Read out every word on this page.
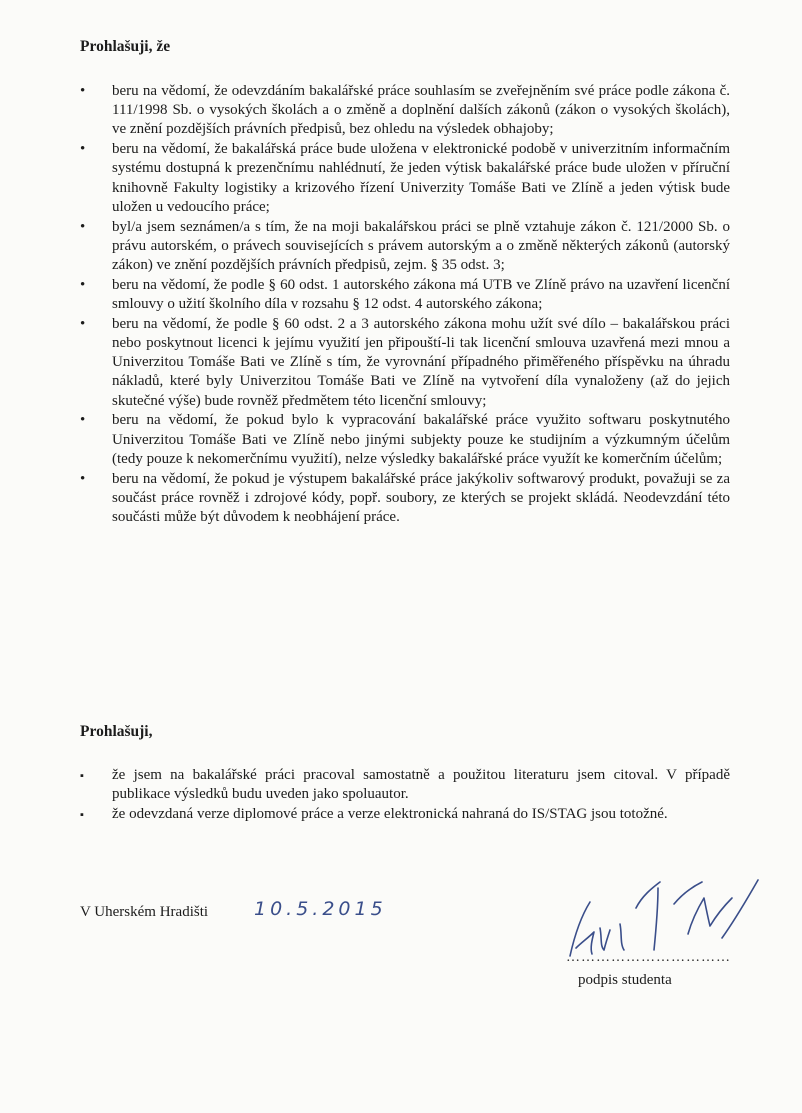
Prohlašuji, že
•	beru na vědomí, že odevzdáním bakalářské práce souhlasím se zveřejněním své práce podle zákona č. 111/1998 Sb. o vysokých školách a o změně a doplnění dalších zákonů (zákon o vysokých školách), ve znění pozdějších právních předpisů, bez ohledu na výsledek obhajoby;
•	beru na vědomí, že bakalářská práce bude uložena v elektronické podobě v univerzitním informačním systému dostupná k prezenčnímu nahlédnutí, že jeden výtisk bakalářské práce bude uložen v příruční knihovně Fakulty logistiky a krizového řízení Univerzity Tomáše Bati ve Zlíně a jeden výtisk bude uložen u vedoucího práce;
•	byl/a jsem seznámen/a s tím, že na moji bakalářskou práci se plně vztahuje zákon č. 121/2000 Sb. o právu autorském, o právech souvisejících s právem autorským a o změně některých zákonů (autorský zákon) ve znění pozdějších právních předpisů, zejm. § 35 odst. 3;
•	beru na vědomí, že podle § 60 odst. 1 autorského zákona má UTB ve Zlíně právo na uzavření licenční smlouvy o užití školního díla v rozsahu § 12 odst. 4 autorského zákona;
•	beru na vědomí, že podle § 60 odst. 2 a 3 autorského zákona mohu užít své dílo – bakalářskou práci nebo poskytnout licenci k jejímu využití jen připouští-li tak licenční smlouva uzavřená mezi mnou a Univerzitou Tomáše Bati ve Zlíně s tím, že vyrovnání případného přiměřeného příspěvku na úhradu nákladů, které byly Univerzitou Tomáše Bati ve Zlíně na vytvoření díla vynaloženy (až do jejich skutečné výše) bude rovněž předmětem této licenční smlouvy;
•	beru na vědomí, že pokud bylo k vypracování bakalářské práce využito softwaru poskytnutého Univerzitou Tomáše Bati ve Zlíně nebo jinými subjekty pouze ke studijním a výzkumným účelům (tedy pouze k nekomerčnímu využití), nelze výsledky bakalářské práce využít ke komerčním účelům;
•	beru na vědomí, že pokud je výstupem bakalářské práce jakýkoliv softwarový produkt, považuji se za součást práce rovněž i zdrojové kódy, popř. soubory, ze kterých se projekt skládá. Neodevzdání této součásti může být důvodem k neobhájení práce.
Prohlašuji,
▪	že jsem na bakalářské práci pracoval samostatně a použitou literaturu jsem citoval. V případě publikace výsledků budu uveden jako spoluautor.
▪	že odevzdaná verze diplomové práce a verze elektronická nahraná do IS/STAG jsou totožné.

V Uherském Hradišti 10.5.2015

……………………………

podpis studenta
